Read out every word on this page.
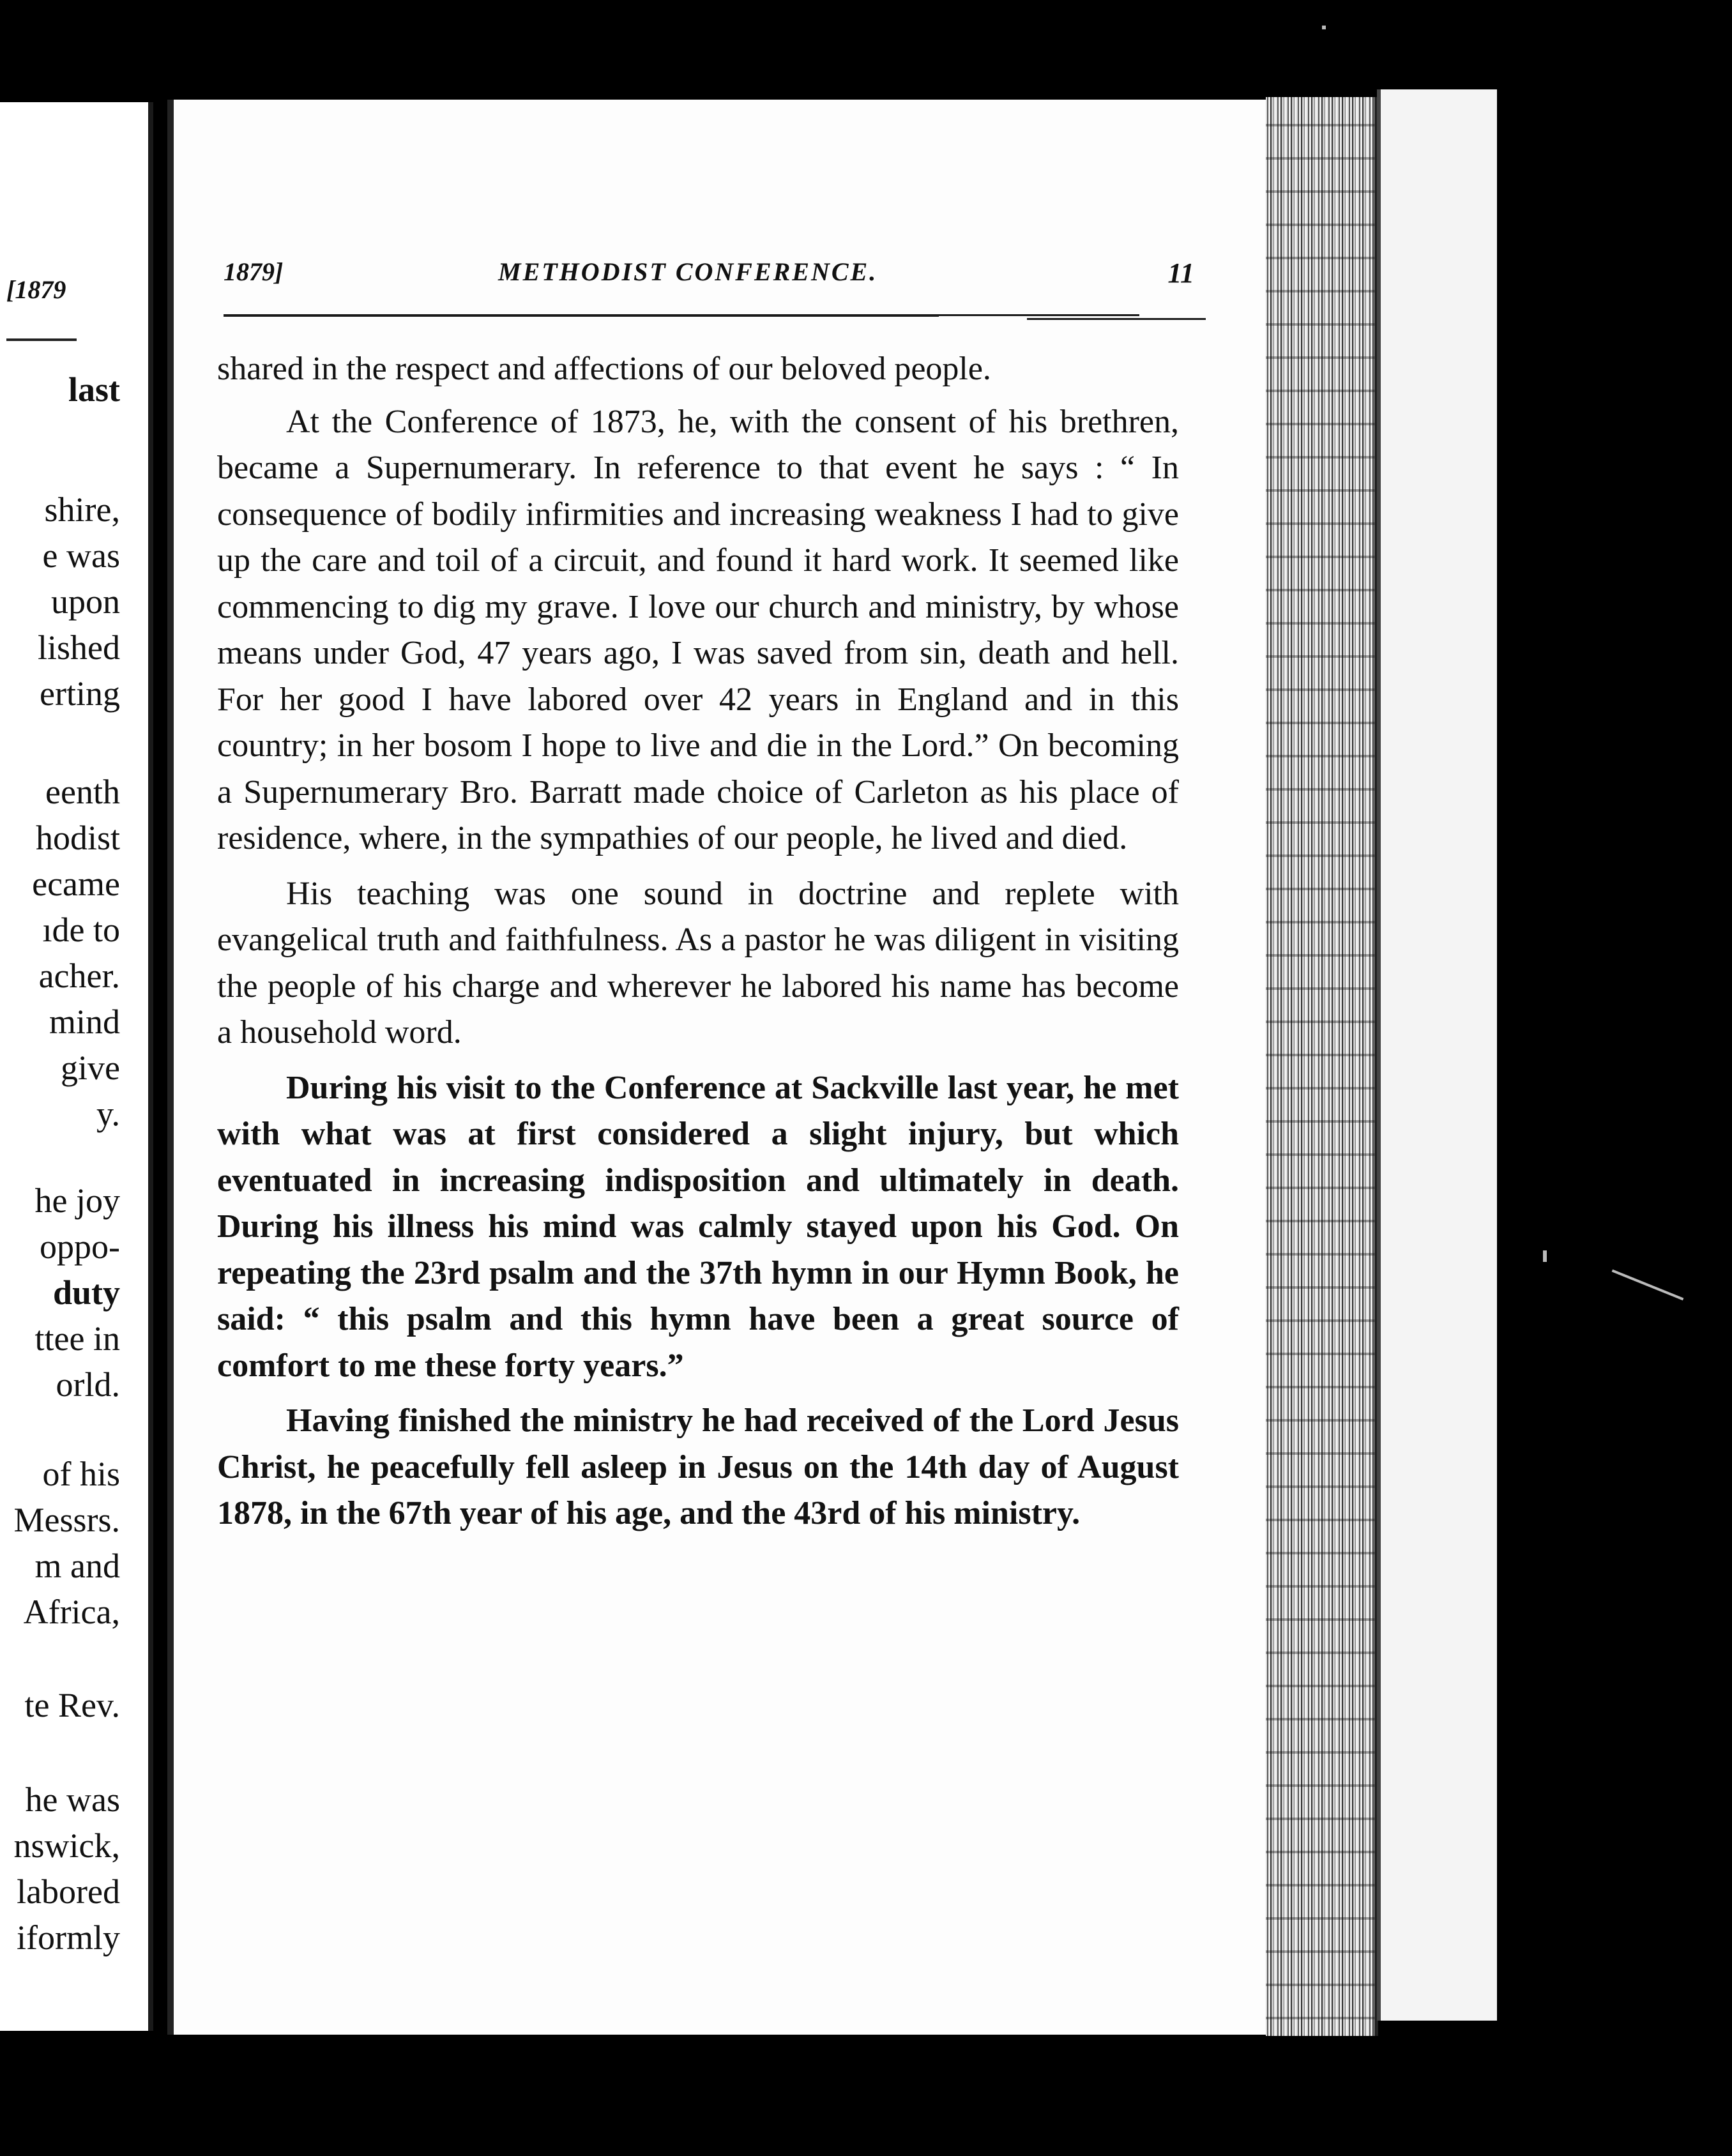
[1879
last
shire,
e was
upon
lished
erting
eenth
hodist
ecame
ıde to
acher.
mind
give
y.
he joy
oppo-
duty
ttee in
orld.
of his
Messrs.
m and
Africa,
te Rev.
he was
nswick,
labored
iformly
1879]	METHODIST CONFERENCE.	11

shared in the respect and affections of our beloved people.

At the Conference of 1873, he, with the consent of his brethren, became a Supernumerary. In reference to that event he says : “ In consequence of bodily infirmities and increasing weakness I had to give up the care and toil of a circuit, and found it hard work. It seemed like commencing to dig my grave. I love our church and ministry, by whose means under God, 47 years ago, I was saved from sin, death and hell. For her good I have labored over 42 years in England and in this country; in her bosom I hope to live and die in the Lord.” On becoming a Supernumerary Bro. Barratt made choice of Carleton as his place of residence, where, in the sympathies of our people, he lived and died.

His teaching was one sound in doctrine and replete with evangelical truth and faithfulness. As a pastor he was diligent in visiting the people of his charge and wherever he labored his name has become a household word.

During his visit to the Conference at Sackville last year, he met with what was at first considered a slight injury, but which eventuated in increasing indisposition and ultimately in death. During his illness his mind was calmly stayed upon his God. On repeating the 23rd psalm and the 37th hymn in our Hymn Book, he said: “ this psalm and this hymn have been a great source of comfort to me these forty years.”

Having finished the ministry he had received of the Lord Jesus Christ, he peacefully fell asleep in Jesus on the 14th day of August 1878, in the 67th year of his age, and the 43rd of his ministry.
